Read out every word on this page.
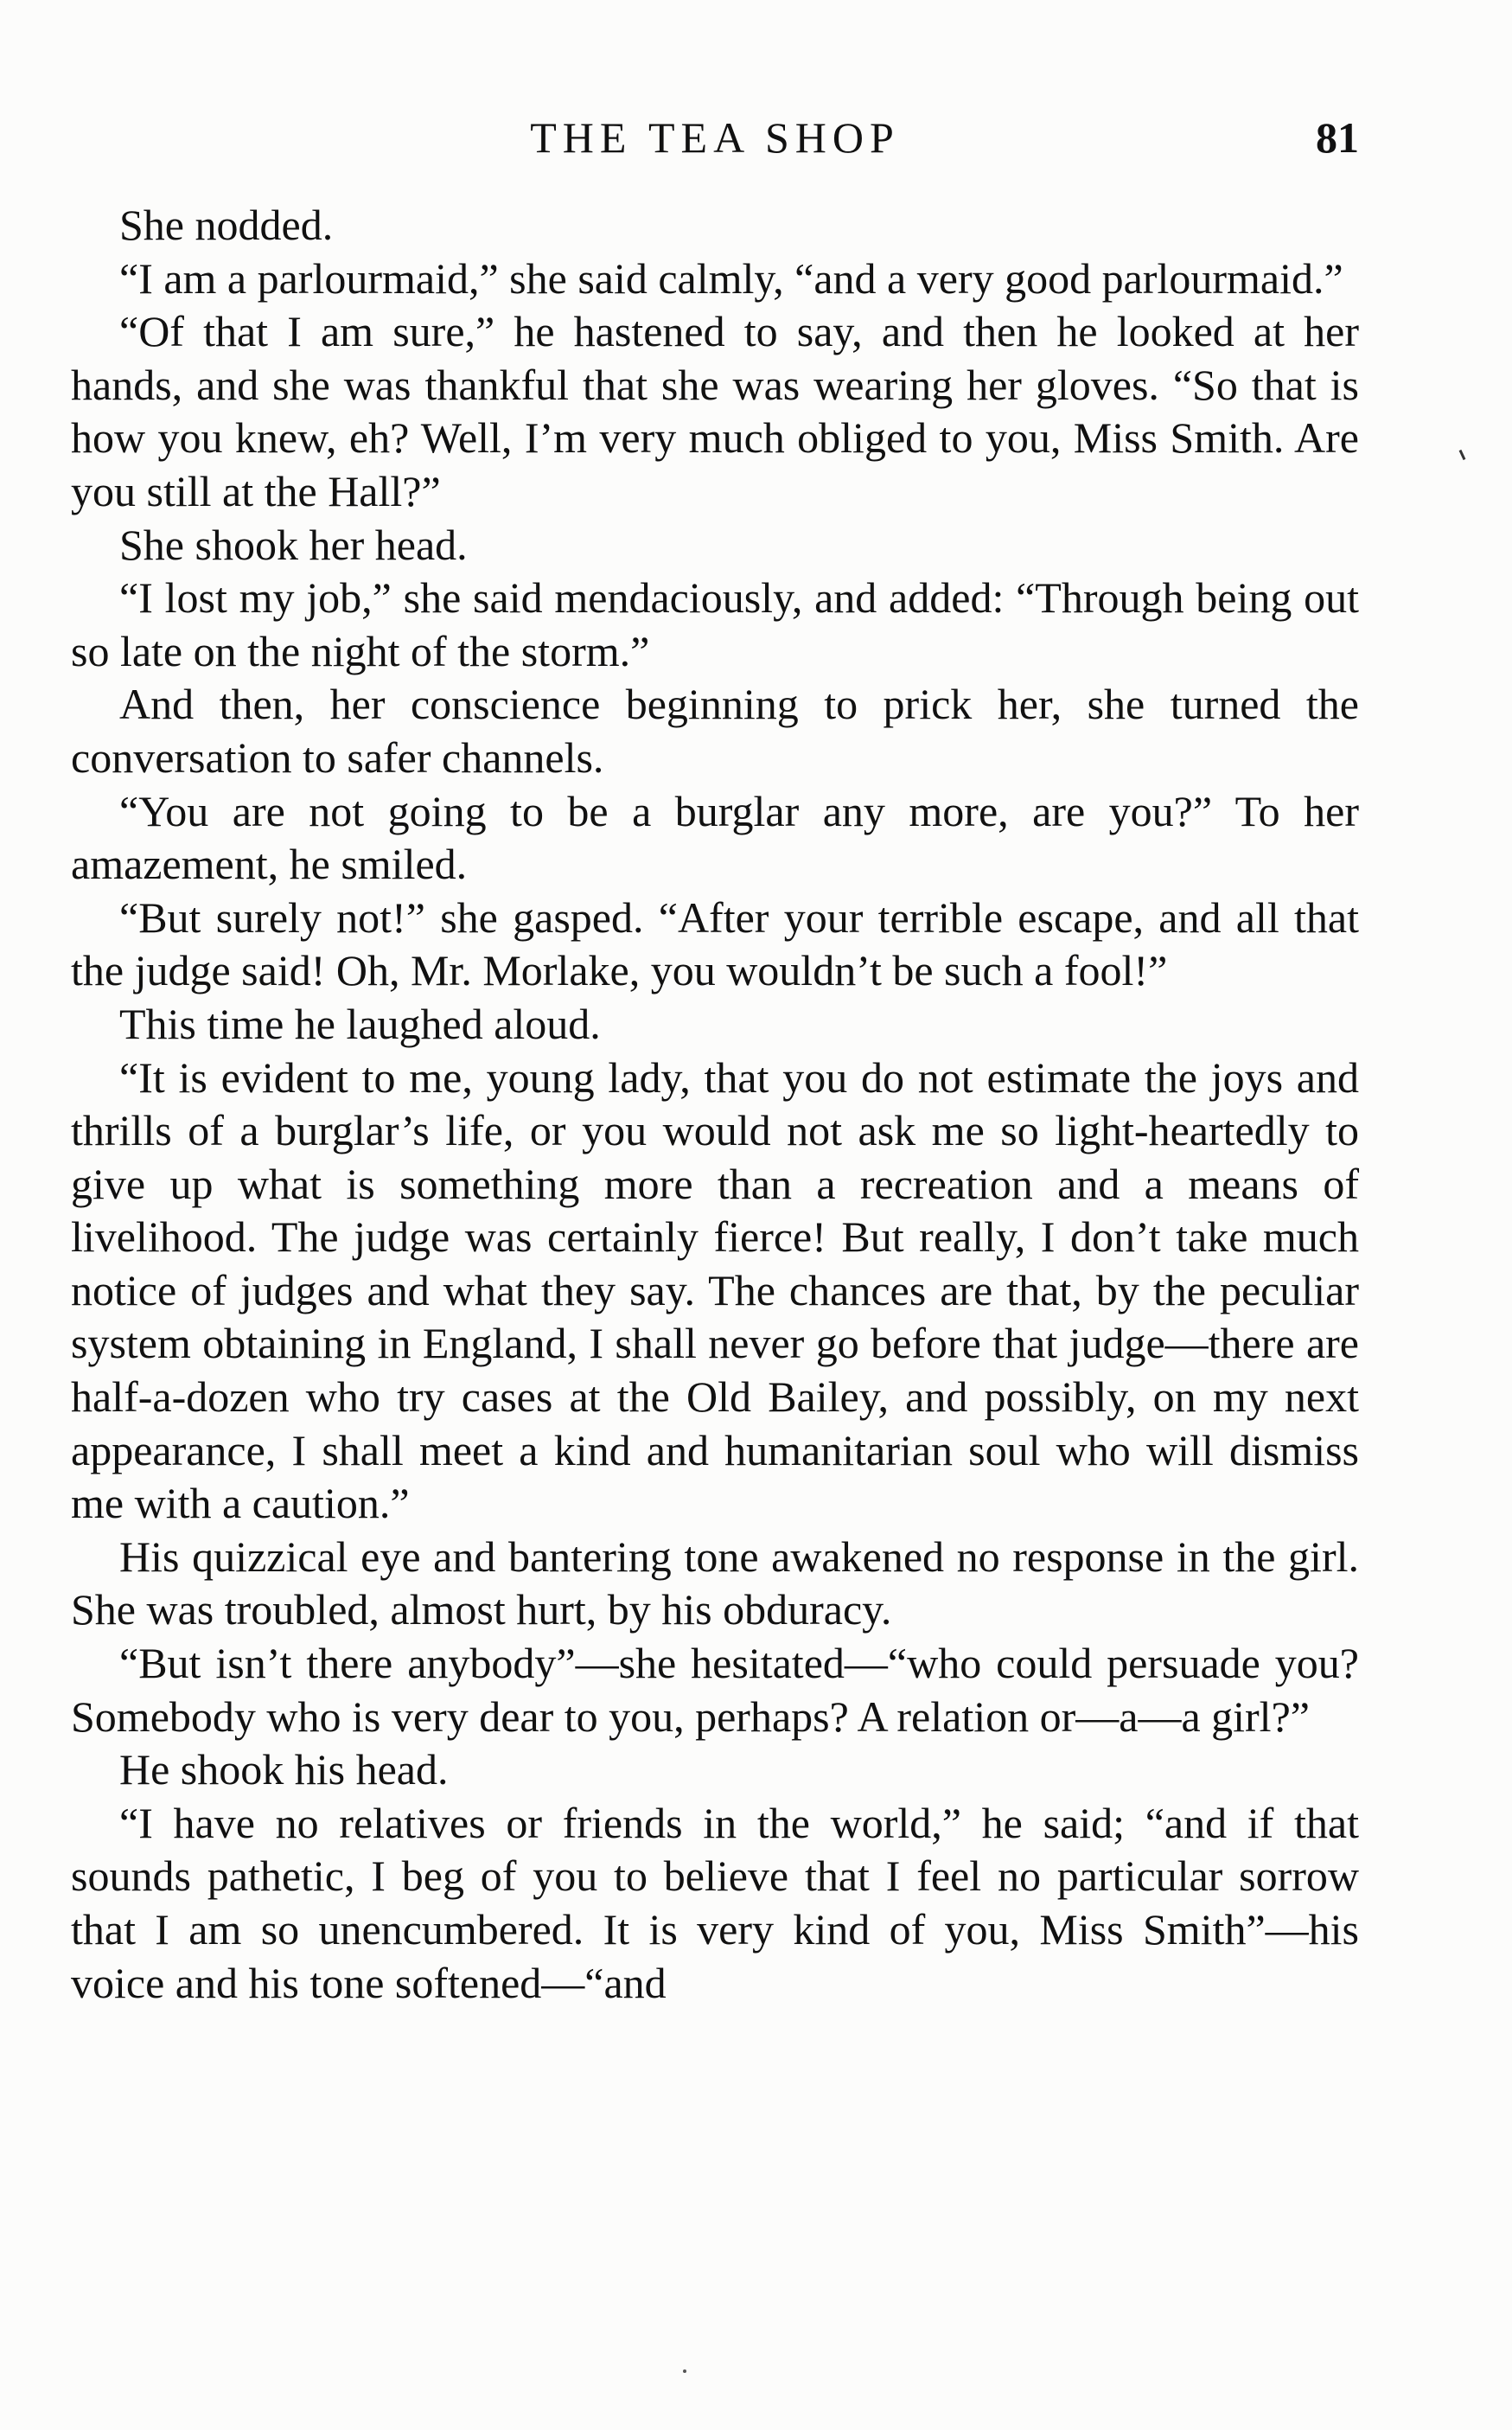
THE TEA SHOP	81

She nodded.

“I am a parlourmaid,” she said calmly, “and a very good parlourmaid.”

“Of that I am sure,” he hastened to say, and then he looked at her hands, and she was thankful that she was wearing her gloves. “So that is how you knew, eh? Well, I’m very much obliged to you, Miss Smith. Are you still at the Hall?”

She shook her head.

“I lost my job,” she said mendaciously, and added: “Through being out so late on the night of the storm.”

And then, her conscience beginning to prick her, she turned the conversation to safer channels.

“You are not going to be a burglar any more, are you?” To her amazement, he smiled.

“But surely not!” she gasped. “After your terrible escape, and all that the judge said! Oh, Mr. Morlake, you wouldn’t be such a fool!”

This time he laughed aloud.

“It is evident to me, young lady, that you do not estimate the joys and thrills of a burglar’s life, or you would not ask me so light-heartedly to give up what is something more than a recreation and a means of livelihood. The judge was certainly fierce! But really, I don’t take much notice of judges and what they say. The chances are that, by the peculiar system obtaining in England, I shall never go before that judge—there are half-a-dozen who try cases at the Old Bailey, and possibly, on my next appearance, I shall meet a kind and humanitarian soul who will dismiss me with a caution.”

His quizzical eye and bantering tone awakened no response in the girl. She was troubled, almost hurt, by his obduracy.

“But isn’t there anybody”—she hesitated—“who could persuade you? Somebody who is very dear to you, perhaps? A relation or—a—a girl?”

He shook his head.

“I have no relatives or friends in the world,” he said; “and if that sounds pathetic, I beg of you to believe that I feel no particular sorrow that I am so unencumbered. It is very kind of you, Miss Smith”—his voice and his tone softened—“and
